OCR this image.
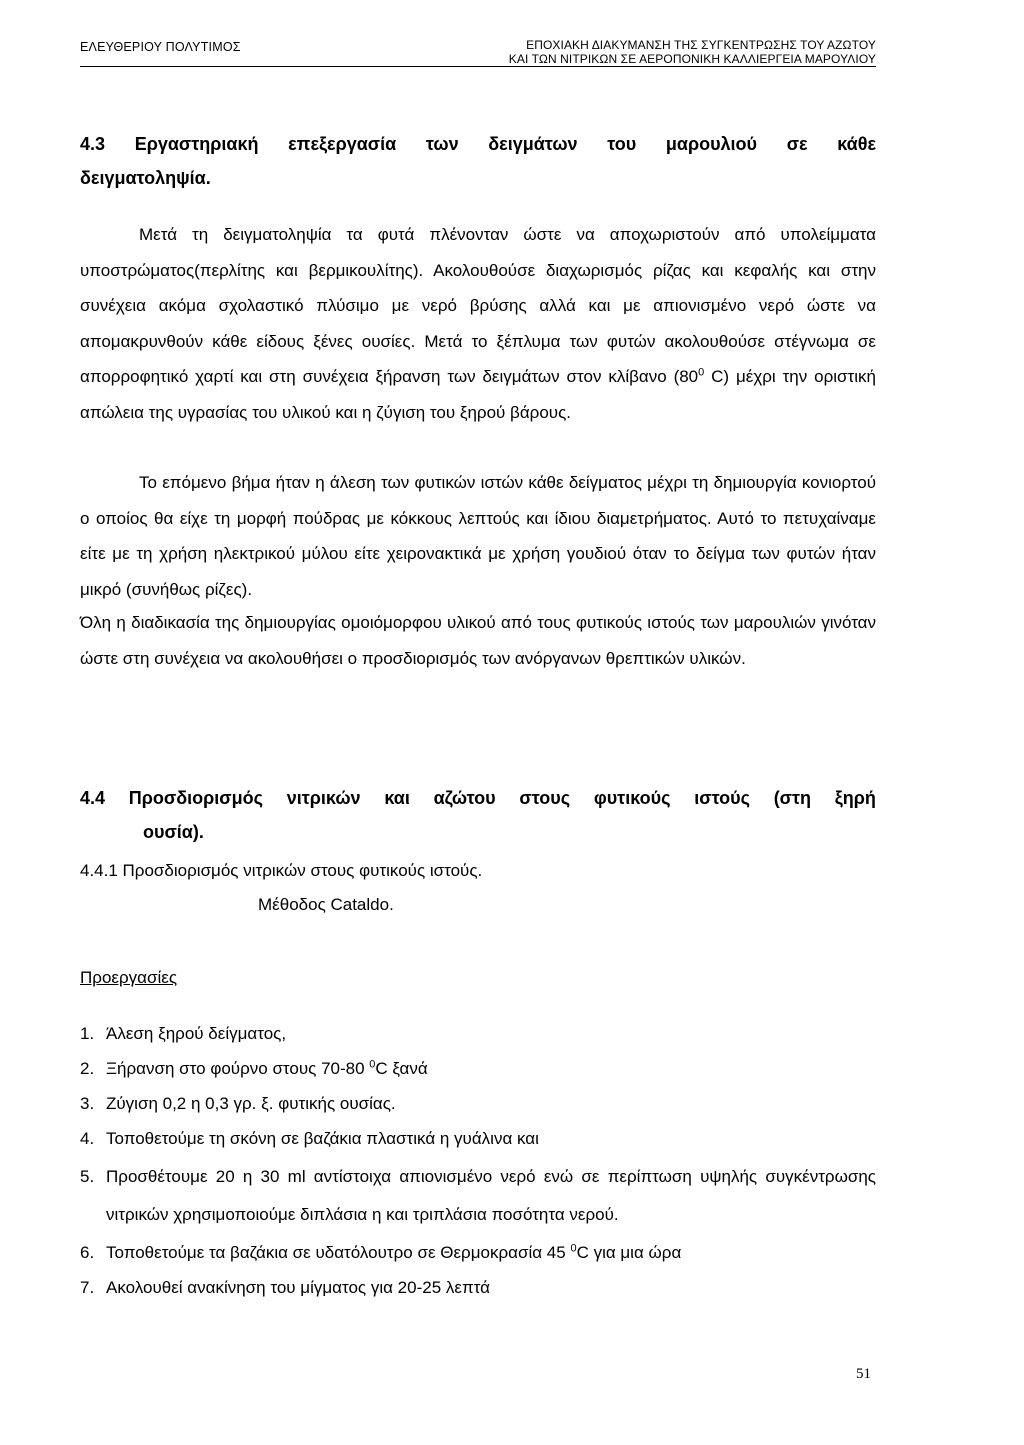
ΕΛΕΥΘΕΡΙΟΥ ΠΟΛΥΤΙΜΟΣ	ΕΠΟΧΙΑΚΗ ΔΙΑΚΥΜΑΝΣΗ ΤΗΣ ΣΥΓΚΕΝΤΡΩΣΗΣ ΤΟΥ ΑΖΩΤΟΥ
ΚΑΙ ΤΩΝ ΝΙΤΡΙΚΩΝ ΣΕ ΑΕΡΟΠΟΝΙΚΗ ΚΑΛΛΙΕΡΓΕΙΑ ΜΑΡΟΥΛΙΟΥ
4.3 Εργαστηριακή επεξεργασία των δειγμάτων του μαρουλιού σε κάθε
δειγματοληψία.

Μετά τη δειγματοληψία τα φυτά πλένονταν ώστε να αποχωριστούν από υπολείμματα υποστρώματος(περλίτης και βερμικουλίτης). Ακολουθούσε διαχωρισμός ρίζας και κεφαλής και στην συνέχεια ακόμα σχολαστικό πλύσιμο με νερό βρύσης αλλά και με απιονισμένο νερό ώστε να απομακρυνθούν κάθε είδους ξένες ουσίες. Μετά το ξέπλυμα των φυτών ακολουθούσε στέγνωμα σε απορροφητικό χαρτί και στη συνέχεια ξήρανση των δειγμάτων στον κλίβανο ($80^0$ C) μέχρι την οριστική απώλεια της υγρασίας του υλικού και η ζύγιση του ξηρού βάρους.

Το επόμενο βήμα ήταν η άλεση των φυτικών ιστών κάθε δείγματος μέχρι τη δημιουργία κονιορτού ο οποίος θα είχε τη μορφή πούδρας με κόκκους λεπτούς και ίδιου διαμετρήματος. Αυτό το πετυχαίναμε είτε με τη χρήση ηλεκτρικού μύλου είτε χειρονακτικά με χρήση γουδιού όταν το δείγμα των φυτών ήταν μικρό (συνήθως ρίζες).

Όλη η διαδικασία της δημιουργίας ομοιόμορφου υλικού από τους φυτικούς ιστούς των μαρουλιών γινόταν ώστε στη συνέχεια να ακολουθήσει ο προσδιορισμός των ανόργανων θρεπτικών υλικών.

4.4 Προσδιορισμός νιτρικών και αζώτου στους φυτικούς ιστούς (στη ξηρή
ουσία).
4.4.1 Προσδιορισμός νιτρικών στους φυτικούς ιστούς.
Μέθοδος Cataldo.
Προεργασίες
1. Άλεση ξηρού δείγματος,
2. Ξήρανση στο φούρνο στους 70-80 $^0$C ξανά
3. Ζύγιση 0,2 η 0,3 γρ. ξ. φυτικής ουσίας.
4. Τοποθετούμε τη σκόνη σε βαζάκια πλαστικά η γυάλινα και
5. Προσθέτουμε 20 η 30 ml αντίστοιχα απιονισμένο νερό ενώ σε περίπτωση υψηλής συγκέντρωσης νιτρικών χρησιμοποιούμε διπλάσια η και τριπλάσια ποσότητα νερού.
6. Τοποθετούμε τα βαζάκια σε υδατόλουτρο σε Θερμοκρασία 45 $^0$C για μια ώρα
7. Ακολουθεί ανακίνηση του μίγματος για 20-25 λεπτά
51
